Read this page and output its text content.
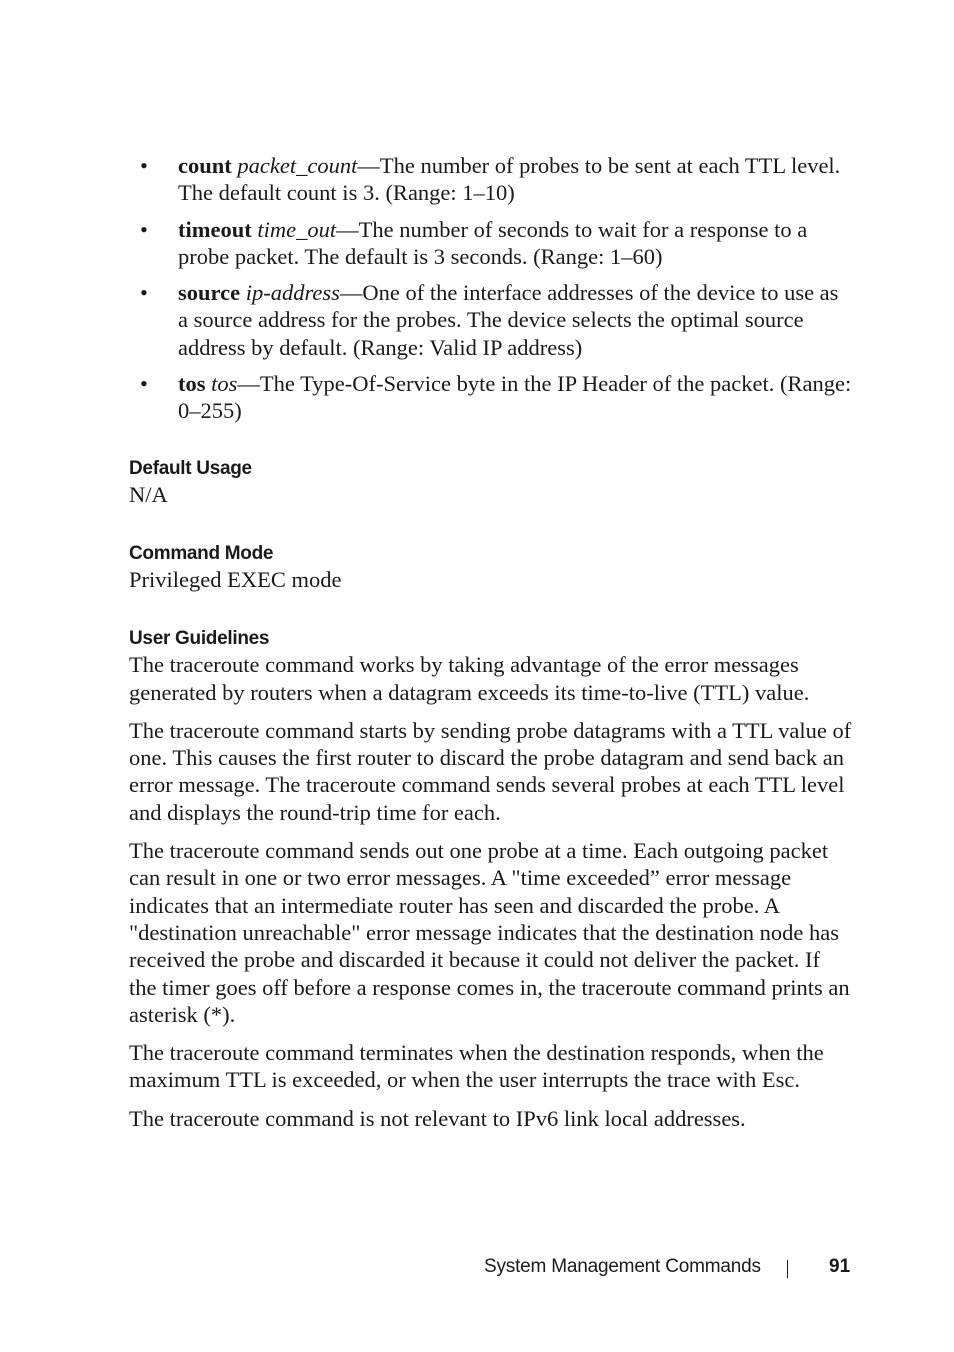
• count packet_count—The number of probes to be sent at each TTL level. The default count is 3. (Range: 1–10)
• timeout time_out—The number of seconds to wait for a response to a probe packet. The default is 3 seconds. (Range: 1–60)
• source ip-address—One of the interface addresses of the device to use as a source address for the probes. The device selects the optimal source address by default. (Range: Valid IP address)
• tos tos—The Type-Of-Service byte in the IP Header of the packet. (Range: 0–255)
Default Usage

N/A

Command Mode

Privileged EXEC mode

User Guidelines

The traceroute command works by taking advantage of the error messages generated by routers when a datagram exceeds its time-to-live (TTL) value.

The traceroute command starts by sending probe datagrams with a TTL value of one. This causes the first router to discard the probe datagram and send back an error message. The traceroute command sends several probes at each TTL level and displays the round-trip time for each.

The traceroute command sends out one probe at a time. Each outgoing packet can result in one or two error messages. A "time exceeded” error message indicates that an intermediate router has seen and discarded the probe. A "destination unreachable" error message indicates that the destination node has received the probe and discarded it because it could not deliver the packet. If the timer goes off before a response comes in, the traceroute command prints an asterisk (*).

The traceroute command terminates when the destination responds, when the maximum TTL is exceeded, or when the user interrupts the trace with Esc.

The traceroute command is not relevant to IPv6 link local addresses.

System Management Commands	91
